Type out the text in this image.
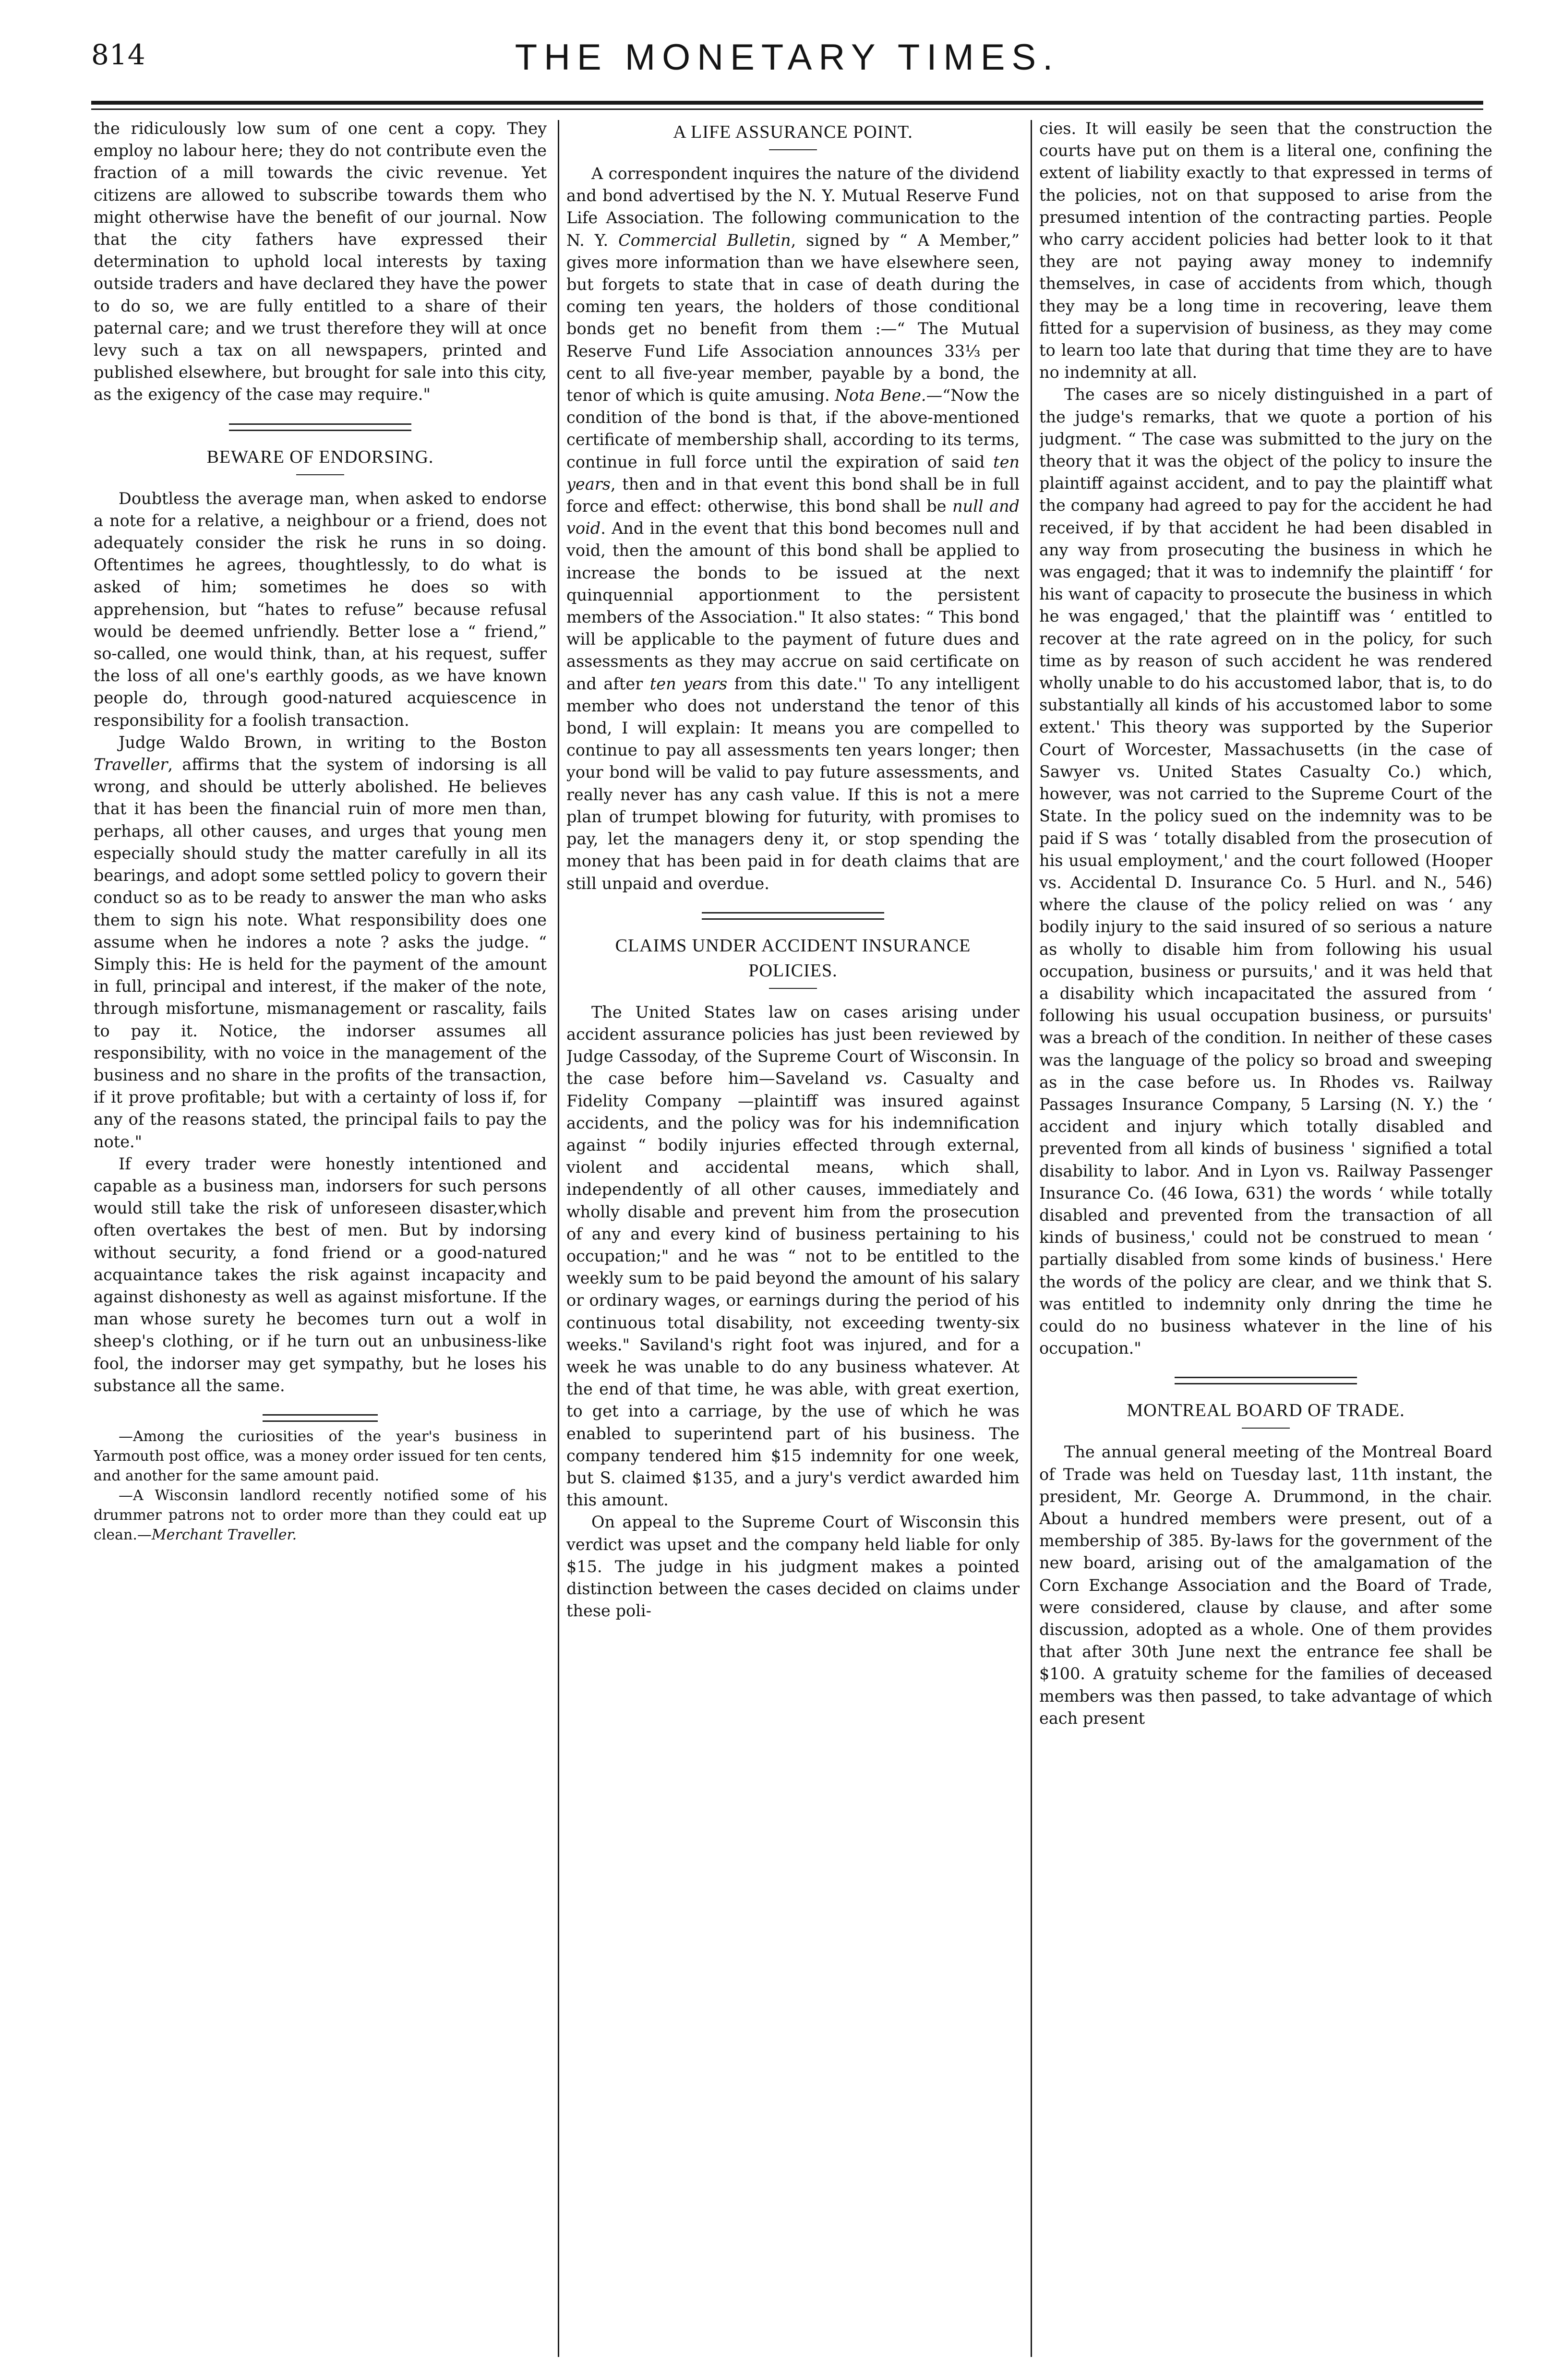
814	THE MONETARY TIMES.

the ridiculously low sum of one cent a copy. They employ no labour here; they do not contribute even the fraction of a mill towards the civic revenue. Yet citizens are allowed to subscribe towards them who might otherwise have the benefit of our journal. Now that the city fathers have expressed their determination to uphold local interests by taxing outside traders and have declared they have the power to do so, we are fully entitled to a share of their paternal care; and we trust therefore they will at once levy such a tax on all newspapers, printed and published elsewhere, but brought for sale into this city, as the exigency of the case may require."

BEWARE OF ENDORSING.

Doubtless the average man, when asked to endorse a note for a relative, a neighbour or a friend, does not adequately consider the risk he runs in so doing. Oftentimes he agrees, thoughtlessly, to do what is asked of him; sometimes he does so with apprehension, but “hates to refuse” because refusal would be deemed unfriendly. Better lose a “ friend,” so-called, one would think, than, at his request, suffer the loss of all one's earthly goods, as we have known people do, through good-natured acquiescence in responsibility for a foolish transaction.

Judge Waldo Brown, in writing to the Boston Traveller, affirms that the system of indorsing is all wrong, and should be utterly abolished. He believes that it has been the financial ruin of more men than, perhaps, all other causes, and urges that young men especially should study the matter carefully in all its bearings, and adopt some settled policy to govern their conduct so as to be ready to answer the man who asks them to sign his note. What responsibility does one assume when he indores a note ? asks the judge. “ Simply this: He is held for the payment of the amount in full, principal and interest, if the maker of the note, through misfortune, mismanagement or rascality, fails to pay it. Notice, the indorser assumes all responsibility, with no voice in the management of the business and no share in the profits of the transaction, if it prove profitable; but with a certainty of loss if, for any of the reasons stated, the principal fails to pay the note."

If every trader were honestly intentioned and capable as a business man, indorsers for such persons would still take the risk of unforeseen disaster,which often overtakes the best of men. But by indorsing without security, a fond friend or a good-natured acquaintance takes the risk against incapacity and against dishonesty as well as against misfortune. If the man whose surety he becomes turn out a wolf in sheep's clothing, or if he turn out an unbusiness-like fool, the indorser may get sympathy, but he loses his substance all the same.

—Among the curiosities of the year's business in Yarmouth post office, was a money order issued for ten cents, and another for the same amount paid.

—A Wisconsin landlord recently notified some of his drummer patrons not to order more than they could eat up clean.—Merchant Traveller.

A LIFE ASSURANCE POINT.

A correspondent inquires the nature of the dividend and bond advertised by the N. Y. Mutual Reserve Fund Life Association. The following communication to the N. Y. Commercial Bulletin, signed by “ A Member,” gives more information than we have elsewhere seen, but forgets to state that in case of death during the coming ten years, the holders of those conditional bonds get no benefit from them :—“ The Mutual Reserve Fund Life Association announces 33⅓ per cent to all five-year member, payable by a bond, the tenor of which is quite amusing. Nota Bene.—“Now the condition of the bond is that, if the above-mentioned certificate of membership shall, according to its terms, continue in full force until the expiration of said ten years, then and in that event this bond shall be in full force and effect: otherwise, this bond shall be null and void. And in the event that this bond becomes null and void, then the amount of this bond shall be applied to increase the bonds to be issued at the next quinquennial apportionment to the persistent members of the Association." It also states: “ This bond will be applicable to the payment of future dues and assessments as they may accrue on said certificate on and after ten years from this date.'' To any intelligent member who does not understand the tenor of this bond, I will explain: It means you are compelled to continue to pay all assessments ten years longer; then your bond will be valid to pay future assessments, and really never has any cash value. If this is not a mere plan of trumpet blowing for futurity, with promises to pay, let the managers deny it, or stop spending the money that has been paid in for death claims that are still unpaid and overdue.

CLAIMS UNDER ACCIDENT INSURANCE POLICIES.

The United States law on cases arising under accident assurance policies has just been reviewed by Judge Cassoday, of the Supreme Court of Wisconsin. In the case before him—Saveland vs. Casualty and Fidelity Company —plaintiff was insured against accidents, and the policy was for his indemnification against “ bodily injuries effected through external, violent and accidental means, which shall, independently of all other causes, immediately and wholly disable and prevent him from the prosecution of any and every kind of business pertaining to his occupation;" and he was “ not to be entitled to the weekly sum to be paid beyond the amount of his salary or ordinary wages, or earnings during the period of his continuous total disability, not exceeding twenty-six weeks." Saviland's right foot was injured, and for a week he was unable to do any business whatever. At the end of that time, he was able, with great exertion, to get into a carriage, by the use of which he was enabled to superintend part of his business. The company tendered him $15 indemnity for one week, but S. claimed $135, and a jury's verdict awarded him this amount.

On appeal to the Supreme Court of Wisconsin this verdict was upset and the company held liable for only $15. The judge in his judgment makes a pointed distinction between the cases decided on claims under these poli-

cies. It will easily be seen that the construction the courts have put on them is a literal one, confining the extent of liability exactly to that expressed in terms of the policies, not on that supposed to arise from the presumed intention of the contracting parties. People who carry accident policies had better look to it that they are not paying away money to indemnify themselves, in case of accidents from which, though they may be a long time in recovering, leave them fitted for a supervision of business, as they may come to learn too late that during that time they are to have no indemnity at all.

The cases are so nicely distinguished in a part of the judge's remarks, that we quote a portion of his judgment. “ The case was submitted to the jury on the theory that it was the object of the policy to insure the plaintiff against accident, and to pay the plaintiff what the company had agreed to pay for the accident he had received, if by that accident he had been disabled in any way from prosecuting the business in which he was engaged; that it was to indemnify the plaintiff ‘ for his want of capacity to prosecute the business in which he was engaged,' that the plaintiff was ‘ entitled to recover at the rate agreed on in the policy, for such time as by reason of such accident he was rendered wholly unable to do his accustomed labor, that is, to do substantially all kinds of his accustomed labor to some extent.' This theory was supported by the Superior Court of Worcester, Massachusetts (in the case of Sawyer vs. United States Casualty Co.) which, however, was not carried to the Supreme Court of the State. In the policy sued on the indemnity was to be paid if S was ‘ totally disabled from the prosecution of his usual employment,' and the court followed (Hooper vs. Accidental D. Insurance Co. 5 Hurl. and N., 546) where the clause of the policy relied on was ‘ any bodily injury to the said insured of so serious a nature as wholly to disable him from following his usual occupation, business or pursuits,' and it was held that a disability which incapacitated the assured from ‘ following his usual occupation business, or pursuits' was a breach of the condition. In neither of these cases was the language of the policy so broad and sweeping as in the case before us. In Rhodes vs. Railway Passages Insurance Company, 5 Larsing (N. Y.) the ‘ accident and injury which totally disabled and prevented from all kinds of business ' signified a total disability to labor. And in Lyon vs. Railway Passenger Insurance Co. (46 Iowa, 631) the words ‘ while totally disabled and prevented from the transaction of all kinds of business,' could not be construed to mean ‘ partially disabled from some kinds of business.' Here the words of the policy are clear, and we think that S. was entitled to indemnity only dnring the time he could do no business whatever in the line of his occupation."

MONTREAL BOARD OF TRADE.

The annual general meeting of the Montreal Board of Trade was held on Tuesday last, 11th instant, the president, Mr. George A. Drummond, in the chair. About a hundred members were present, out of a membership of 385. By-laws for the government of the new board, arising out of the amalgamation of the Corn Exchange Association and the Board of Trade, were considered, clause by clause, and after some discussion, adopted as a whole. One of them provides that after 30th June next the entrance fee shall be $100. A gratuity scheme for the families of deceased members was then passed, to take advantage of which each present
